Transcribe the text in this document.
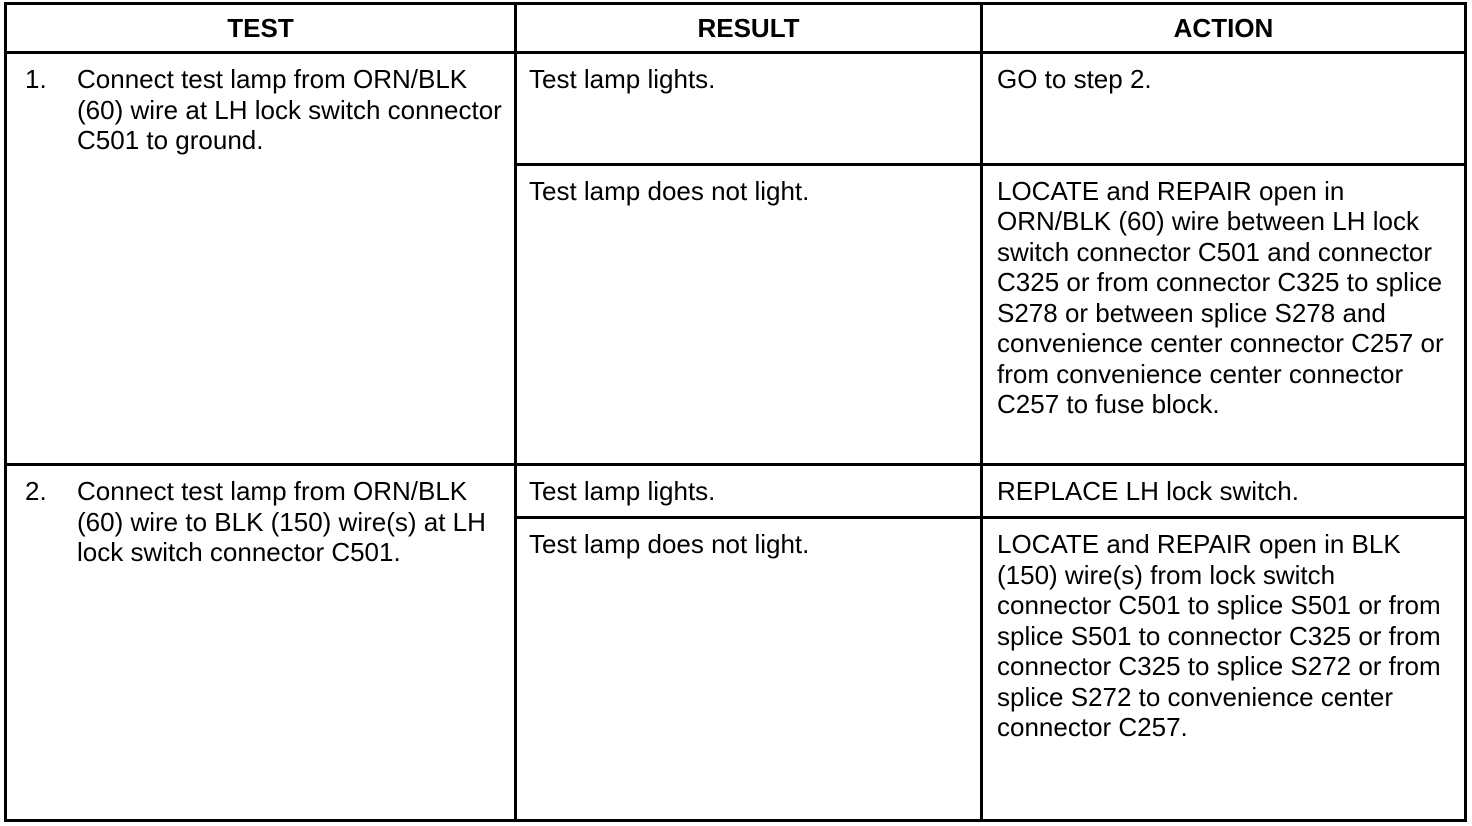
TEST	RESULT	ACTION

1. Connect test lamp from ORN/BLK (60) wire at LH lock switch connector C501 to ground.	Test lamp lights.	GO to step 2.

	Test lamp does not light.	LOCATE and REPAIR open in ORN/BLK (60) wire between LH lock switch connector C501 and connector C325 or from connector C325 to splice S278 or between splice S278 and convenience center connector C257 or from convenience center connector C257 to fuse block.

2. Connect test lamp from ORN/BLK (60) wire to BLK (150) wire(s) at LH lock switch connector C501.	Test lamp lights.	REPLACE LH lock switch.

	Test lamp does not light.	LOCATE and REPAIR open in BLK (150) wire(s) from lock switch connector C501 to splice S501 or from splice S501 to connector C325 or from connector C325 to splice S272 or from splice S272 to convenience center connector C257.
